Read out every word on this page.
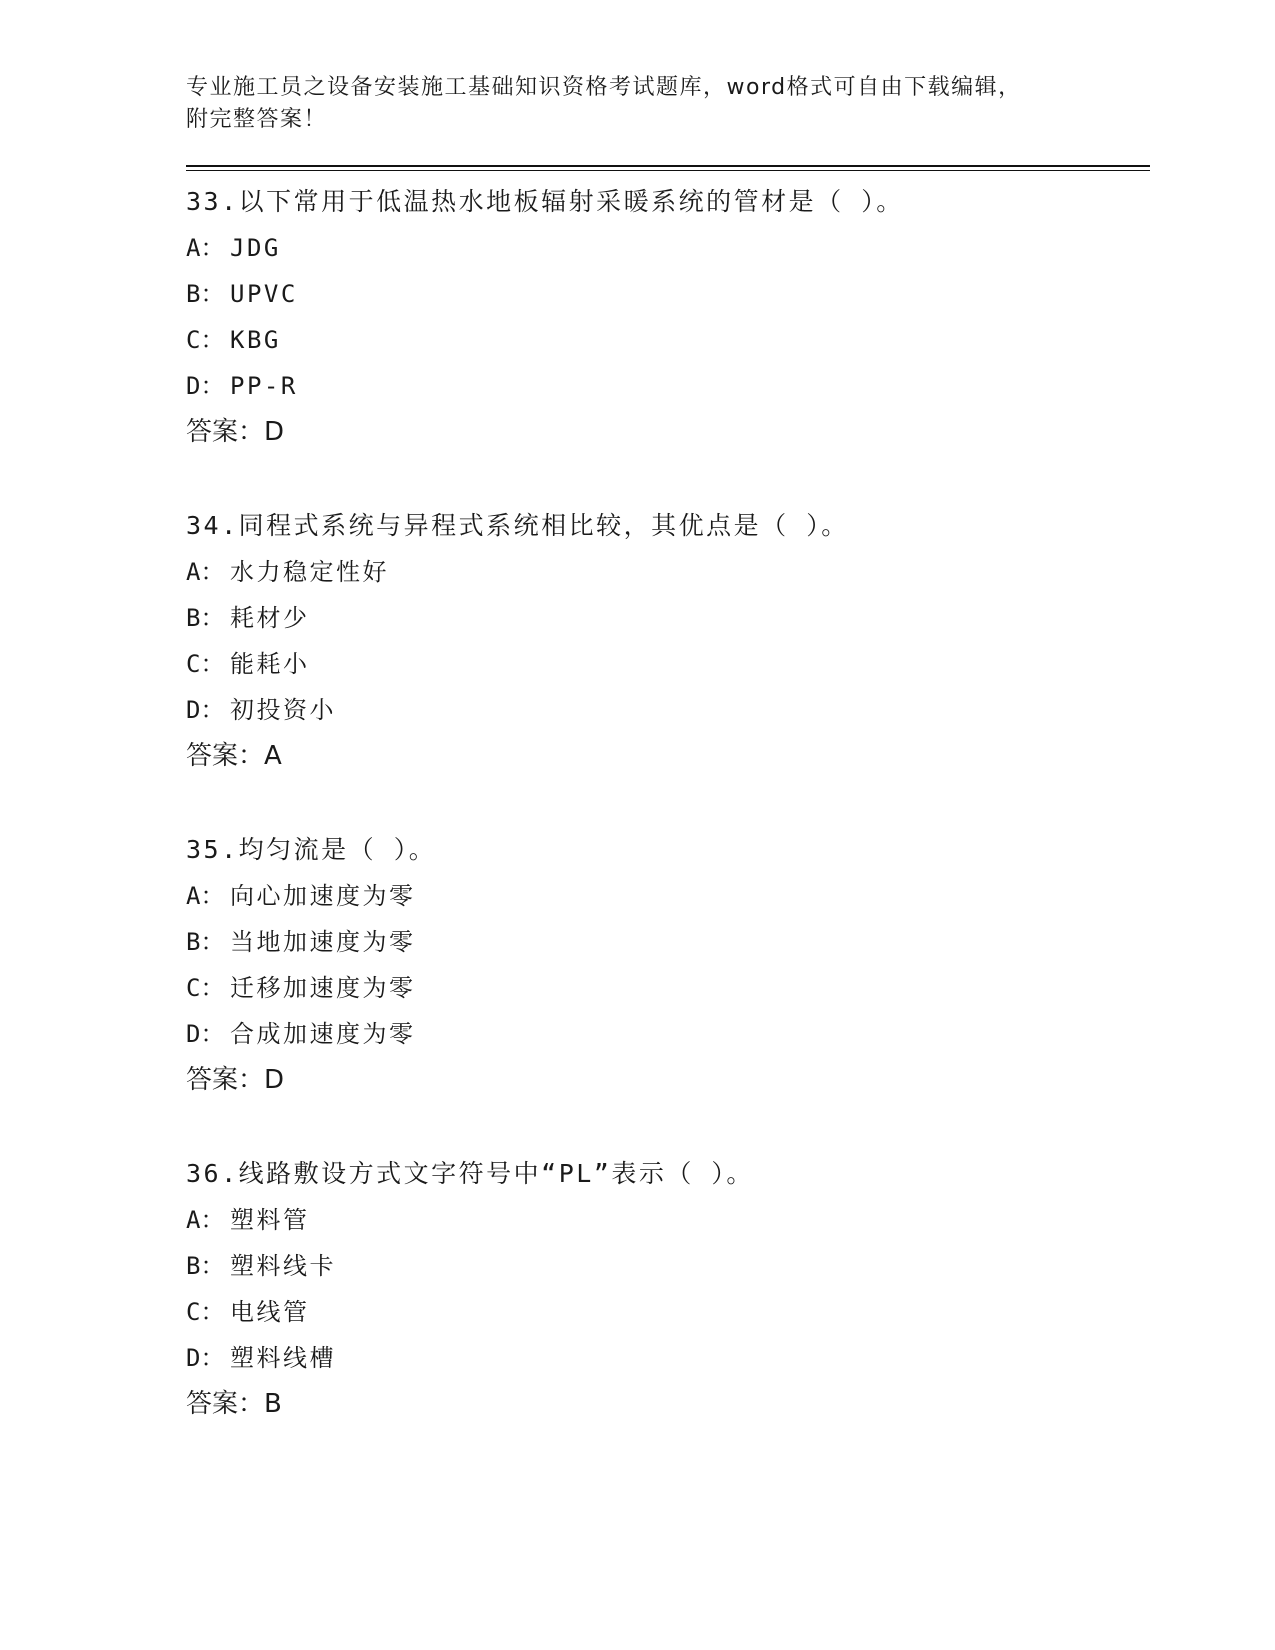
专业施工员之设备安装施工基础知识资格考试题库，word格式可自由下载编辑，
附完整答案！
33.以下常用于低温热水地板辐射采暖系统的管材是（ ）。
A： JDG
B： UPVC
C： KBG
D： PP-R
答案：D
34.同程式系统与异程式系统相比较，其优点是（ ）。
A： 水力稳定性好
B： 耗材少
C： 能耗小
D： 初投资小
答案：A
35.均匀流是（ ）。
A： 向心加速度为零
B： 当地加速度为零
C： 迁移加速度为零
D： 合成加速度为零
答案：D
36.线路敷设方式文字符号中“PL”表示（ ）。
A： 塑料管
B： 塑料线卡
C： 电线管
D： 塑料线槽
答案：B
